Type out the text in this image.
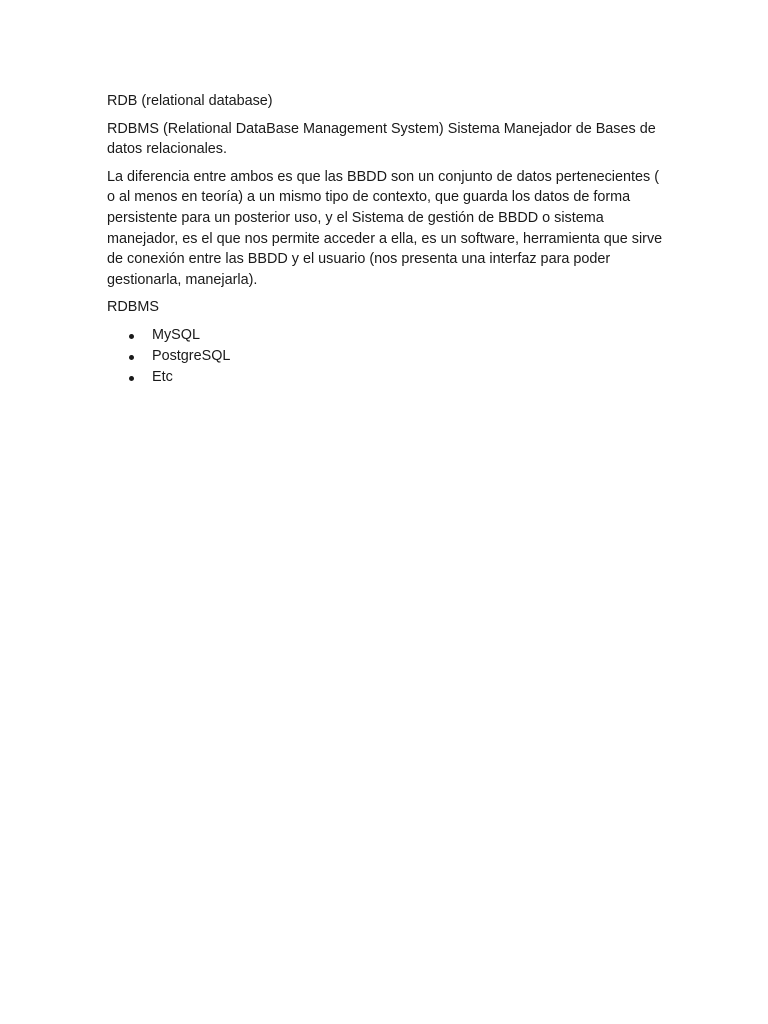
RDB (relational database)

RDBMS (Relational DataBase Management System) Sistema Manejador de Bases de datos relacionales.

La diferencia entre ambos es que las BBDD son un conjunto de datos pertenecientes ( o al menos en teoría) a un mismo tipo de contexto, que guarda los datos de forma persistente para un posterior uso, y el Sistema de gestión de BBDD o sistema manejador, es el que nos permite acceder a ella, es un software, herramienta que sirve de conexión entre las BBDD y el usuario (nos presenta una interfaz para poder gestionarla, manejarla).

RDBMS

MySQL
PostgreSQL
Etc
